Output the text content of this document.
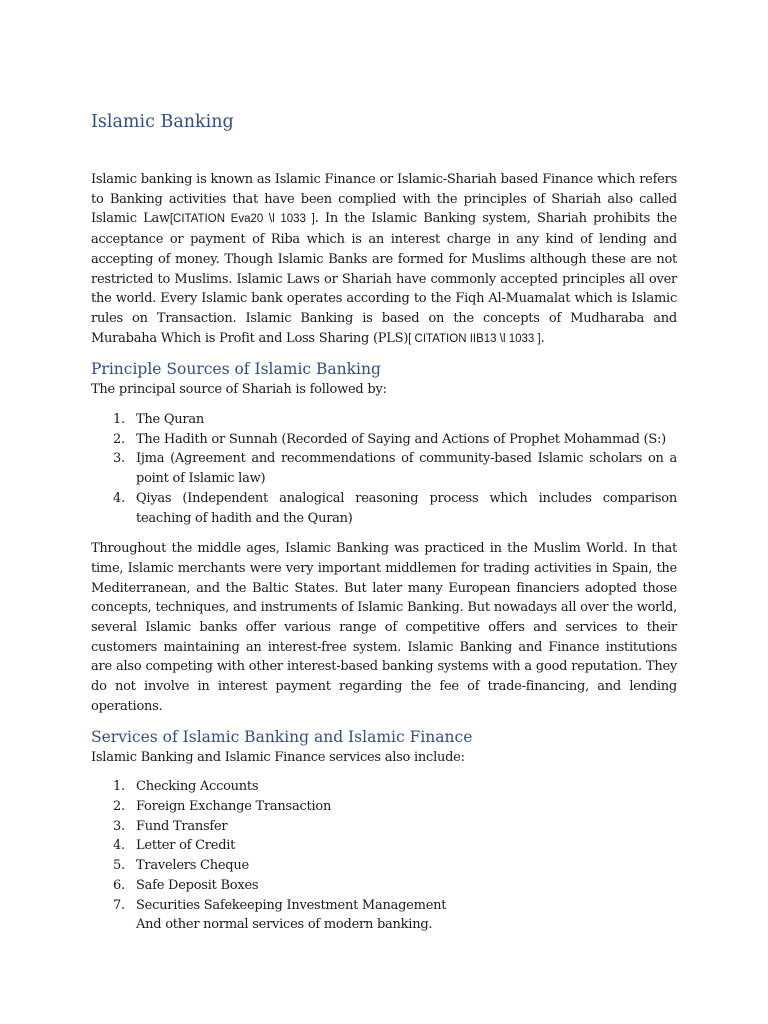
Islamic Banking

Islamic banking is known as Islamic Finance or Islamic-Shariah based Finance which refers to Banking activities that have been complied with the principles of Shariah also called Islamic Law[CITATION Eva20 \l 1033 ]. In the Islamic Banking system, Shariah prohibits the acceptance or payment of Riba which is an interest charge in any kind of lending and accepting of money. Though Islamic Banks are formed for Muslims although these are not restricted to Muslims. Islamic Laws or Shariah have commonly accepted principles all over the world. Every Islamic bank operates according to the Fiqh Al-Muamalat which is Islamic rules on Transaction. Islamic Banking is based on the concepts of Mudharaba and Murabaha Which is Profit and Loss Sharing (PLS)[ CITATION IIB13 \l 1033 ].

Principle Sources of Islamic Banking

The principal source of Shariah is followed by:

1. The Quran
2. The Hadith or Sunnah (Recorded of Saying and Actions of Prophet Mohammad (S:)
3. Ijma (Agreement and recommendations of community-based Islamic scholars on a point of Islamic law)
4. Qiyas (Independent analogical reasoning process which includes comparison teaching of hadith and the Quran)

Throughout the middle ages, Islamic Banking was practiced in the Muslim World. In that time, Islamic merchants were very important middlemen for trading activities in Spain, the Mediterranean, and the Baltic States. But later many European financiers adopted those concepts, techniques, and instruments of Islamic Banking. But nowadays all over the world, several Islamic banks offer various range of competitive offers and services to their customers maintaining an interest-free system. Islamic Banking and Finance institutions are also competing with other interest-based banking systems with a good reputation. They do not involve in interest payment regarding the fee of trade-financing, and lending operations.

Services of Islamic Banking and Islamic Finance

Islamic Banking and Islamic Finance services also include:

1. Checking Accounts
2. Foreign Exchange Transaction
3. Fund Transfer
4. Letter of Credit
5. Travelers Cheque
6. Safe Deposit Boxes
7. Securities Safekeeping Investment Management

And other normal services of modern banking.
